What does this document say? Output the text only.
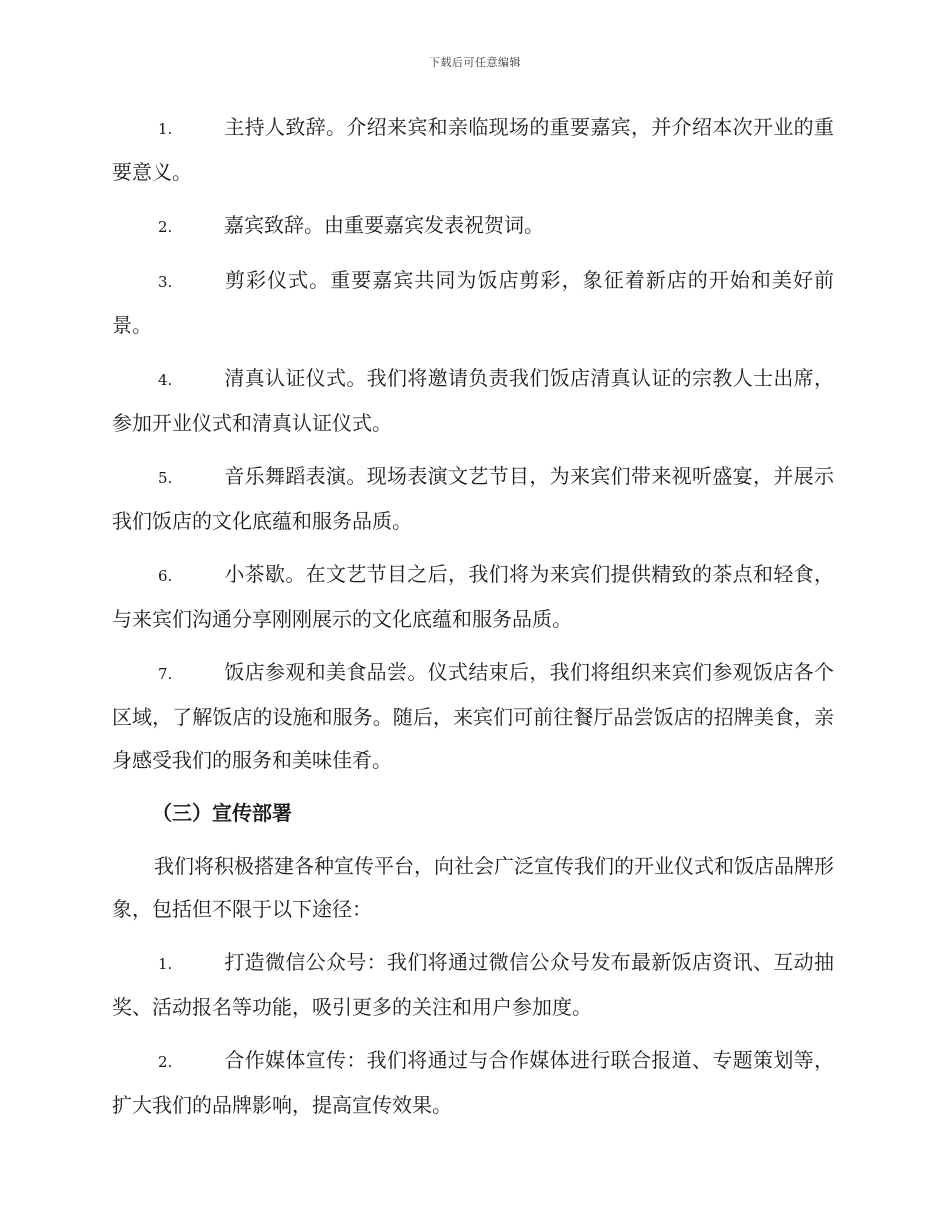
下载后可任意编辑

1.	主持人致辞。介绍来宾和亲临现场的重要嘉宾，并介绍本次开业的重要意义。

2.	嘉宾致辞。由重要嘉宾发表祝贺词。

3.	剪彩仪式。重要嘉宾共同为饭店剪彩，象征着新店的开始和美好前景。

4.	清真认证仪式。我们将邀请负责我们饭店清真认证的宗教人士出席，参加开业仪式和清真认证仪式。

5.	音乐舞蹈表演。现场表演文艺节目，为来宾们带来视听盛宴，并展示我们饭店的文化底蕴和服务品质。

6.	小茶歇。在文艺节目之后，我们将为来宾们提供精致的茶点和轻食，与来宾们沟通分享刚刚展示的文化底蕴和服务品质。

7.	饭店参观和美食品尝。仪式结束后，我们将组织来宾们参观饭店各个区域，了解饭店的设施和服务。随后，来宾们可前往餐厅品尝饭店的招牌美食，亲身感受我们的服务和美味佳肴。

（三）宣传部署

我们将积极搭建各种宣传平台，向社会广泛宣传我们的开业仪式和饭店品牌形象，包括但不限于以下途径：

1.	打造微信公众号：我们将通过微信公众号发布最新饭店资讯、互动抽奖、活动报名等功能，吸引更多的关注和用户参加度。

2.	合作媒体宣传：我们将通过与合作媒体进行联合报道、专题策划等，扩大我们的品牌影响，提高宣传效果。
